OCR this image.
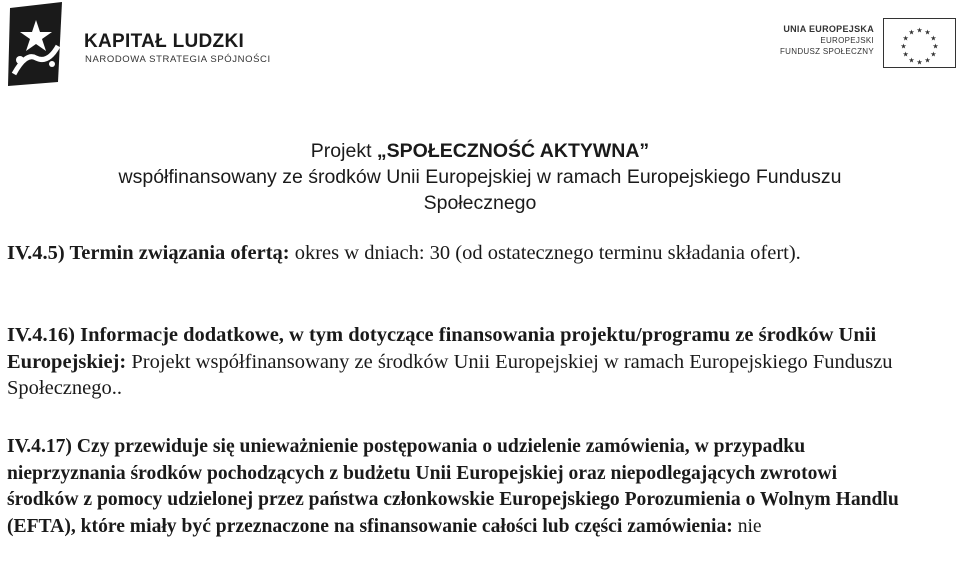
KAPITAŁ LUDZKI
NARODOWA STRATEGIA SPÓJNOŚCI
UNIA EUROPEJSKA
EUROPEJSKI
FUNDUSZ SPOŁECZNY
★ ★
★
★
★
★
★
★
★
★
★
★
Projekt „SPOŁECZNOŚĆ AKTYWNA”
współfinansowany ze środków Unii Europejskiej w ramach Europejskiego Funduszu Społecznego

IV.4.5) Termin związania ofertą: okres w dniach: 30 (od ostatecznego terminu składania ofert).

IV.4.16) Informacje dodatkowe, w tym dotyczące finansowania projektu/programu ze środków Unii Europejskiej: Projekt współfinansowany ze środków Unii Europejskiej w ramach Europejskiego Funduszu Społecznego..

IV.4.17) Czy przewiduje się unieważnienie postępowania o udzielenie zamówienia, w przypadku nieprzyznania środków pochodzących z budżetu Unii Europejskiej oraz niepodlegających zwrotowi środków z pomocy udzielonej przez państwa członkowskie Europejskiego Porozumienia o Wolnym Handlu (EFTA), które miały być przeznaczone na sfinansowanie całości lub części zamówienia: nie
